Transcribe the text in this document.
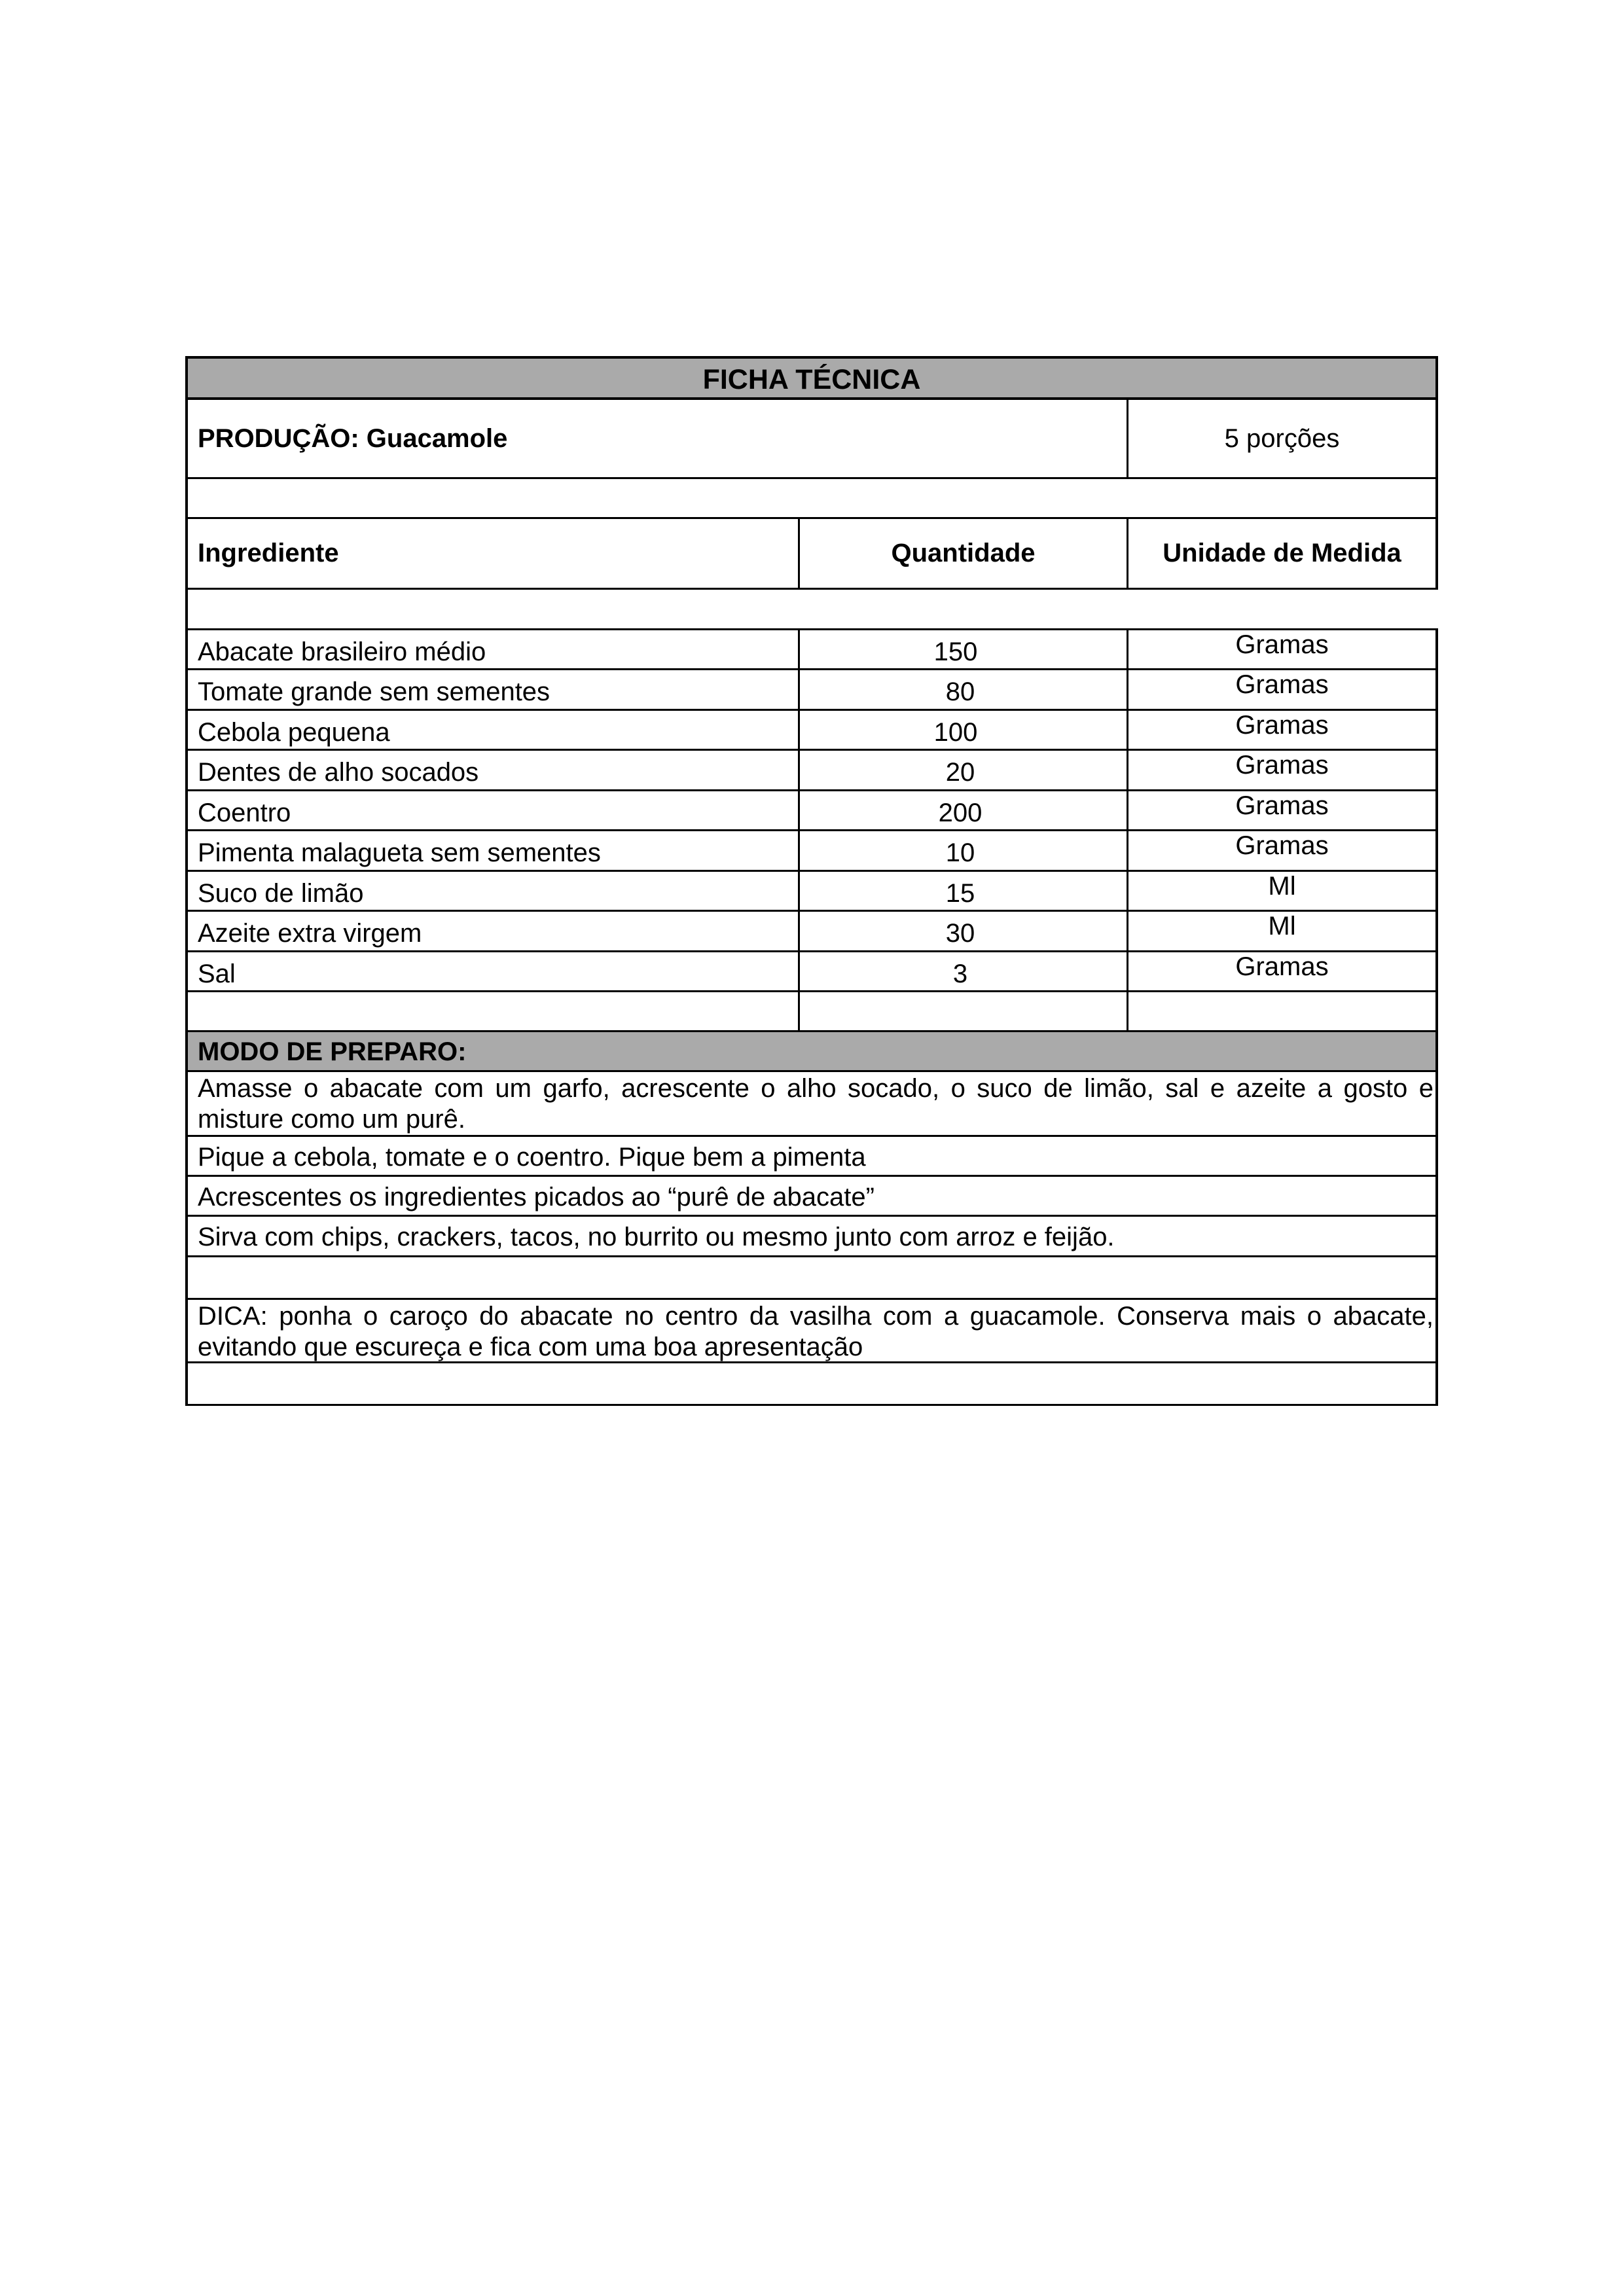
FICHA TÉCNICA
PRODUÇÃO: Guacamole	5 porções
Ingrediente	Quantidade	Unidade de Medida
Abacate brasileiro médio	150	Gramas
Tomate grande sem sementes	80	Gramas
Cebola pequena	100	Gramas
Dentes de alho socados	20	Gramas
Coentro	200	Gramas
Pimenta malagueta sem sementes	10	Gramas
Suco de limão	15	Ml
Azeite extra virgem	30	Ml
Sal	3	Gramas
MODO DE PREPARO:
Amasse o abacate com um garfo, acrescente o alho socado, o suco de limão, sal e azeite a gosto e misture como um purê.
Pique a cebola, tomate e o coentro. Pique bem a pimenta
Acrescentes os ingredientes picados ao “purê de abacate”
Sirva com chips, crackers, tacos, no burrito ou mesmo junto com arroz e feijão.
DICA: ponha o caroço do abacate no centro da vasilha com a guacamole. Conserva mais o abacate, evitando que escureça e fica com uma boa apresentação
